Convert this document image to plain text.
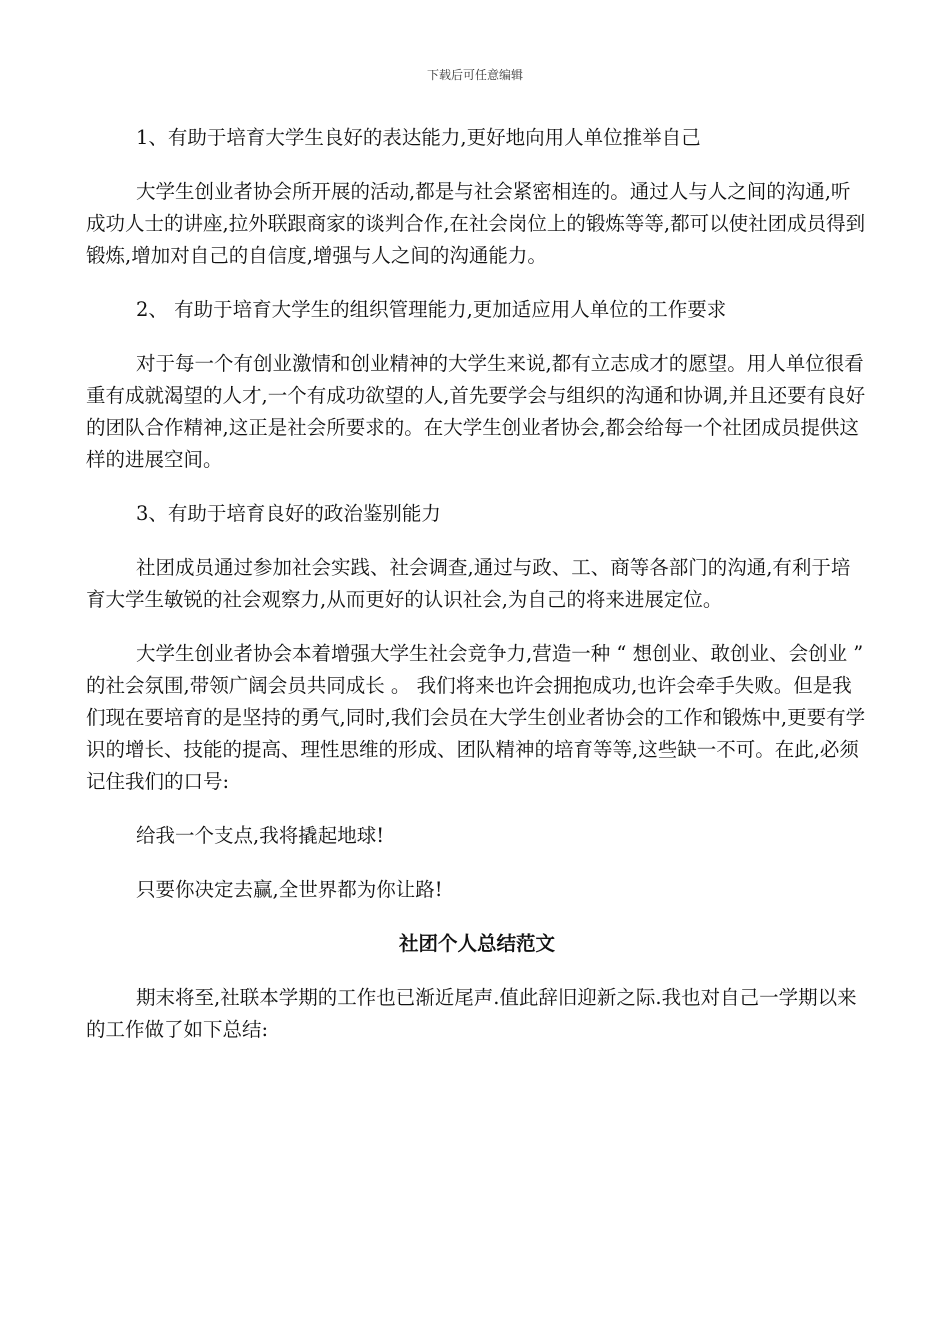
下载后可任意编辑

1、有助于培育大学生良好的表达能力,更好地向用人单位推举自己

大学生创业者协会所开展的活动,都是与社会紧密相连的。通过人与人之间的沟通,听成功人士的讲座,拉外联跟商家的谈判合作,在社会岗位上的锻炼等等,都可以使社团成员得到锻炼,增加对自己的自信度,增强与人之间的沟通能力。

2、 有助于培育大学生的组织管理能力,更加适应用人单位的工作要求

对于每一个有创业激情和创业精神的大学生来说,都有立志成才的愿望。用人单位很看重有成就渴望的人才,一个有成功欲望的人,首先要学会与组织的沟通和协调,并且还要有良好的团队合作精神,这正是社会所要求的。在大学生创业者协会,都会给每一个社团成员提供这样的进展空间。

3、有助于培育良好的政治鉴别能力

社团成员通过参加社会实践、社会调查,通过与政、工、商等各部门的沟通,有利于培育大学生敏锐的社会观察力,从而更好的认识社会,为自己的将来进展定位。

大学生创业者协会本着增强大学生社会竞争力,营造一种 “ 想创业、敢创业、会创业 ” 的社会氛围,带领广阔会员共同成长 。 我们将来也许会拥抱成功,也许会牵手失败。但是我们现在要培育的是坚持的勇气,同时,我们会员在大学生创业者协会的工作和锻炼中,更要有学识的增长、技能的提高、理性思维的形成、团队精神的培育等等,这些缺一不可。在此,必须记住我们的口号:

给我一个支点,我将撬起地球!

只要你决定去赢,全世界都为你让路!

社团个人总结范文

期末将至,社联本学期的工作也已渐近尾声.值此辞旧迎新之际.我也对自己一学期以来的工作做了如下总结:
